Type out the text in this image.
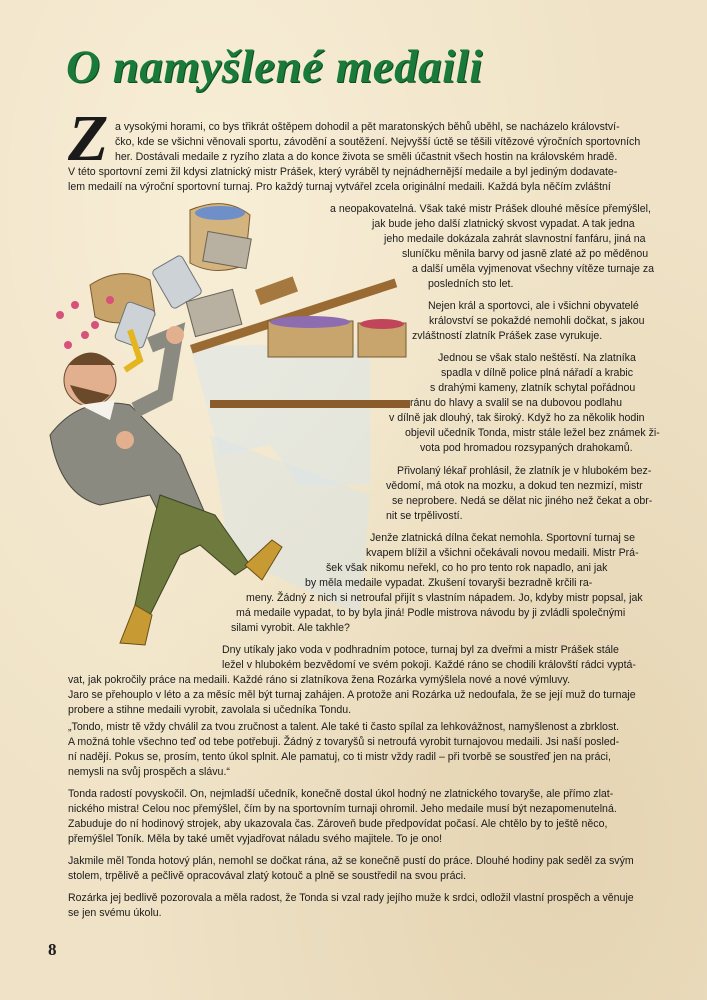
O namyšlené medaili
Z a vysokými horami, co bys třikrát oštěpem dohodil a pět maratonských běhů uběhl, se nacházelo království-
čko, kde se všichni věnovali sportu, závodění a soutěžení. Nejvyšší úctě se těšili vítězové výročních sportovních
her. Dostávali medaile z ryzího zlata a do konce života se směli účastnit všech hostin na královském hradě.
V této sportovní zemi žil kdysi zlatnický mistr Prášek, který vyráběl ty nejnádhernější medaile a byl jediným dodavate-
lem medailí na výroční sportovní turnaj. Pro každý turnaj vytvářel zcela originální medaili. Každá byla něčím zvláštní
a neopakovatelná. Však také mistr Prášek dlouhé měsíce přemýšlel,
jak bude jeho další zlatnický skvost vypadat. A tak jedna
jeho medaile dokázala zahrát slavnostní fanfáru, jiná na
sluníčku měnila barvy od jasně zlaté až po měděnou
a další uměla vyjmenovat všechny vítěze turnaje za
posledních sto let.
Nejen král a sportovci, ale i všichni obyvatelé
království se pokaždé nemohli dočkat, s jakou
zvláštností zlatník Prášek zase vyrukuje.
Jednou se však stalo neštěstí. Na zlatníka
spadla v dílně police plná nářadí a krabic
s drahými kameny, zlatník schytal pořádnou
ránu do hlavy a svalil se na dubovou podlahu
v dílně jak dlouhý, tak široký. Když ho za několik hodin
objevil učedník Tonda, mistr stále ležel bez známek ži-
vota pod hromadou rozsypaných drahokamů.
Přivolaný lékař prohlásil, že zlatník je v hlubokém bez-
vědomí, má otok na mozku, a dokud ten nezmizí, mistr
se neprobere. Nedá se dělat nic jiného než čekat a obr-
nit se trpělivostí.
Jenže zlatnická dílna čekat nemohla. Sportovní turnaj se
kvapem blížil a všichni očekávali novou medaili. Mistr Prá-
šek však nikomu neřekl, co ho pro tento rok napadlo, ani jak
by měla medaile vypadat. Zkušení tovaryši bezradně krčili ra-
meny. Žádný z nich si netroufal přijít s vlastním nápadem. Jo, kdyby mistr popsal, jak
má medaile vypadat, to by byla jiná! Podle mistrova návodu by ji zvládli společnými
silami vyrobit. Ale takhle?
Dny utíkaly jako voda v podhradním potoce, turnaj byl za dveřmi a mistr Prášek stále
ležel v hlubokém bezvědomí ve svém pokoji. Každé ráno se chodili královští rádci vyptá-
vat, jak pokročily práce na medaili. Každé ráno si zlatníkova žena Rozárka vymýšlela nové a nové výmluvy.
Jaro se přehouplo v léto a za měsíc měl být turnaj zahájen. A protože ani Rozárka už nedoufala, že se její muž do turnaje
probere a stihne medaili vyrobit, zavolala si učedníka Tondu.
„Tondo, mistr tě vždy chválil za tvou zručnost a talent. Ale také ti často spílal za lehkovážnost, namyšlenost a zbrklost.
A možná tohle všechno teď od tebe potřebuji. Žádný z tovaryšů si netroufá vyrobit turnajovou medaili. Jsi naší posled-
ní nadějí. Pokus se, prosím, tento úkol splnit. Ale pamatuj, co ti mistr vždy radil – při tvorbě se soustřeď jen na práci,
nemysli na svůj prospěch a slávu.“
Tonda radostí povyskočil. On, nejmladší učedník, konečně dostal úkol hodný ne zlatnického tovaryše, ale přímo zlat-
nického mistra! Celou noc přemýšlel, čím by na sportovním turnaji ohromil. Jeho medaile musí být nezapomenutelná.
Zabudujе do ní hodinový strojek, aby ukazovala čas. Zároveň bude předpovídat počasí. Ale chtělo by to ještě něco,
přemýšlel Toník. Měla by také umět vyjadřovat náladu svého majitele. To je ono!
Jakmile měl Tonda hotový plán, nemohl se dočkat rána, až se konečně pustí do práce. Dlouhé hodiny pak seděl za svým
stolem, trpělivě a pečlivě opracovával zlatý kotouč a plně se soustředil na svou práci.
Rozárka jej bedlivě pozorovala a měla radost, že Tonda si vzal rady jejího muže k srdci, odložil vlastní prospěch a věnuje
se jen svému úkolu.
8
